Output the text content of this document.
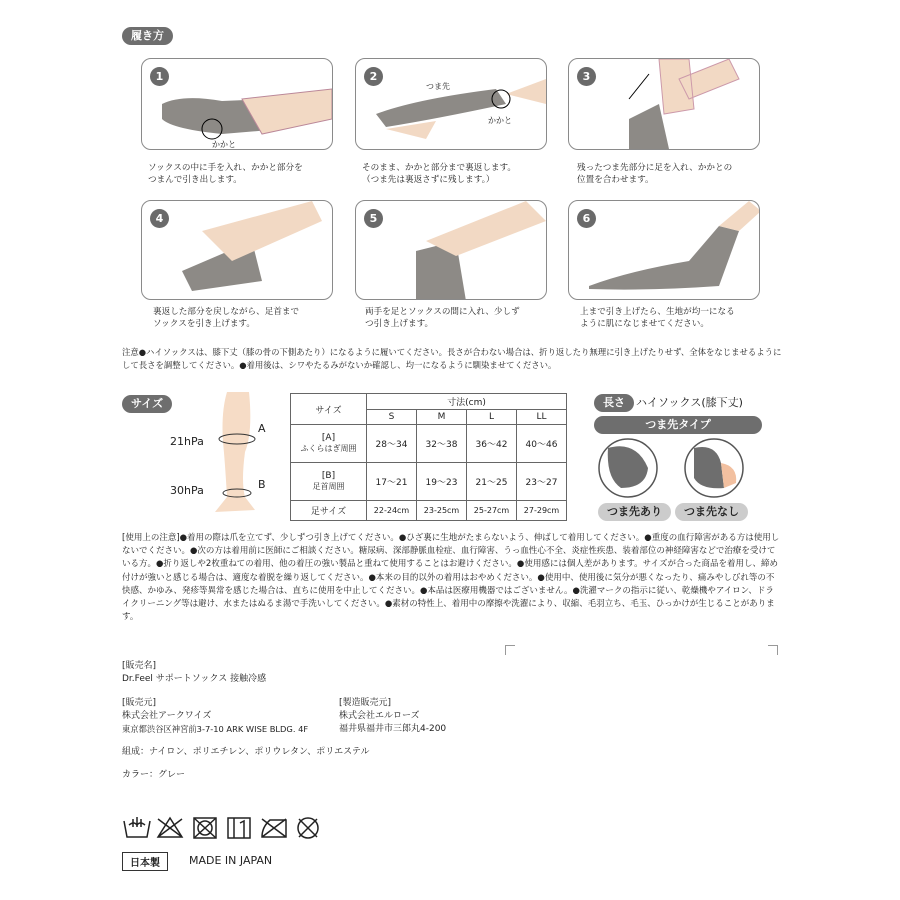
履き方
1
かかと
2
つま先
かかと
3
ソックスの中に手を入れ、かかと部分を
つまんで引き出します。
そのまま、かかと部分まで裏返します。
（つま先は裏返さずに残します。）
残ったつま先部分に足を入れ、かかとの
位置を合わせます。
4	5	6
裏返した部分を戻しながら、足首まで
ソックスを引き上げます。
両手を足とソックスの間に入れ、少しず
つ引き上げます。
上まで引き上げたら、生地が均一になる
ように肌になじませてください。
注意●ハイソックスは、膝下丈（膝の骨の下側あたり）になるように履いてください。長さが合わない場合は、折り返したり無理に引き上げたりせず、全体をなじませるようにして長さを調整してください。●着用後は、シワやたるみがないか確認し、均一になるように馴染ませてください。
サイズ
21hPa
A
30hPa	B
サイズ	寸法(cm)			
	S	M	L	LL

[A]
ふくらはぎ周囲	28〜34	32〜38	36〜42	40〜46

[B]
足首周囲	17〜21	19〜23	21〜25	23〜27
足サイズ	22-24cm	23-25cm	25-27cm	27-29cm
長さ	ハイソックス(膝下丈)
つま先タイプ
つま先あり	つま先なし
[使用上の注意]●着用の際は爪を立てず、少しずつ引き上げてください。●ひざ裏に生地がたまらないよう、伸ばして着用してください。●重度の血行障害がある方は使用しないでください。●次の方は着用前に医師にご相談ください。糖尿病、深部静脈血栓症、血行障害、うっ血性心不全、炎症性疾患、装着部位の神経障害などで治療を受けている方。●折り返しや2枚重ねての着用、他の着圧の強い製品と重ねて使用することはお避けください。●使用感には個人差があります。サイズが合った商品を着用し、締め付けが強いと感じる場合は、適度な着脱を繰り返してください。●本来の目的以外の着用はおやめください。●使用中、使用後に気分が悪くなったり、痛みやしびれ等の不快感、かゆみ、発疹等異常を感じた場合は、直ちに使用を中止してください。●本品は医療用機器ではございません。●洗濯マークの指示に従い、乾燥機やアイロン、ドライクリーニング等は避け、水またはぬるま湯で手洗いしてください。●素材の特性上、着用中の摩擦や洗濯により、収縮、毛羽立ち、毛玉、ひっかけが生じることがあります。
[販売名]
Dr.Feel サポートソックス 接触冷感
[販売元]
株式会社アークワイズ
東京都渋谷区神宮前3-7-10 ARK WISE BLDG. 4F
[製造販売元]
株式会社エルローズ
福井県福井市三郎丸4-200
組成：ナイロン、ポリエチレン、ポリウレタン、ポリエステル
カラー：グレー
日本製	MADE IN JAPAN
